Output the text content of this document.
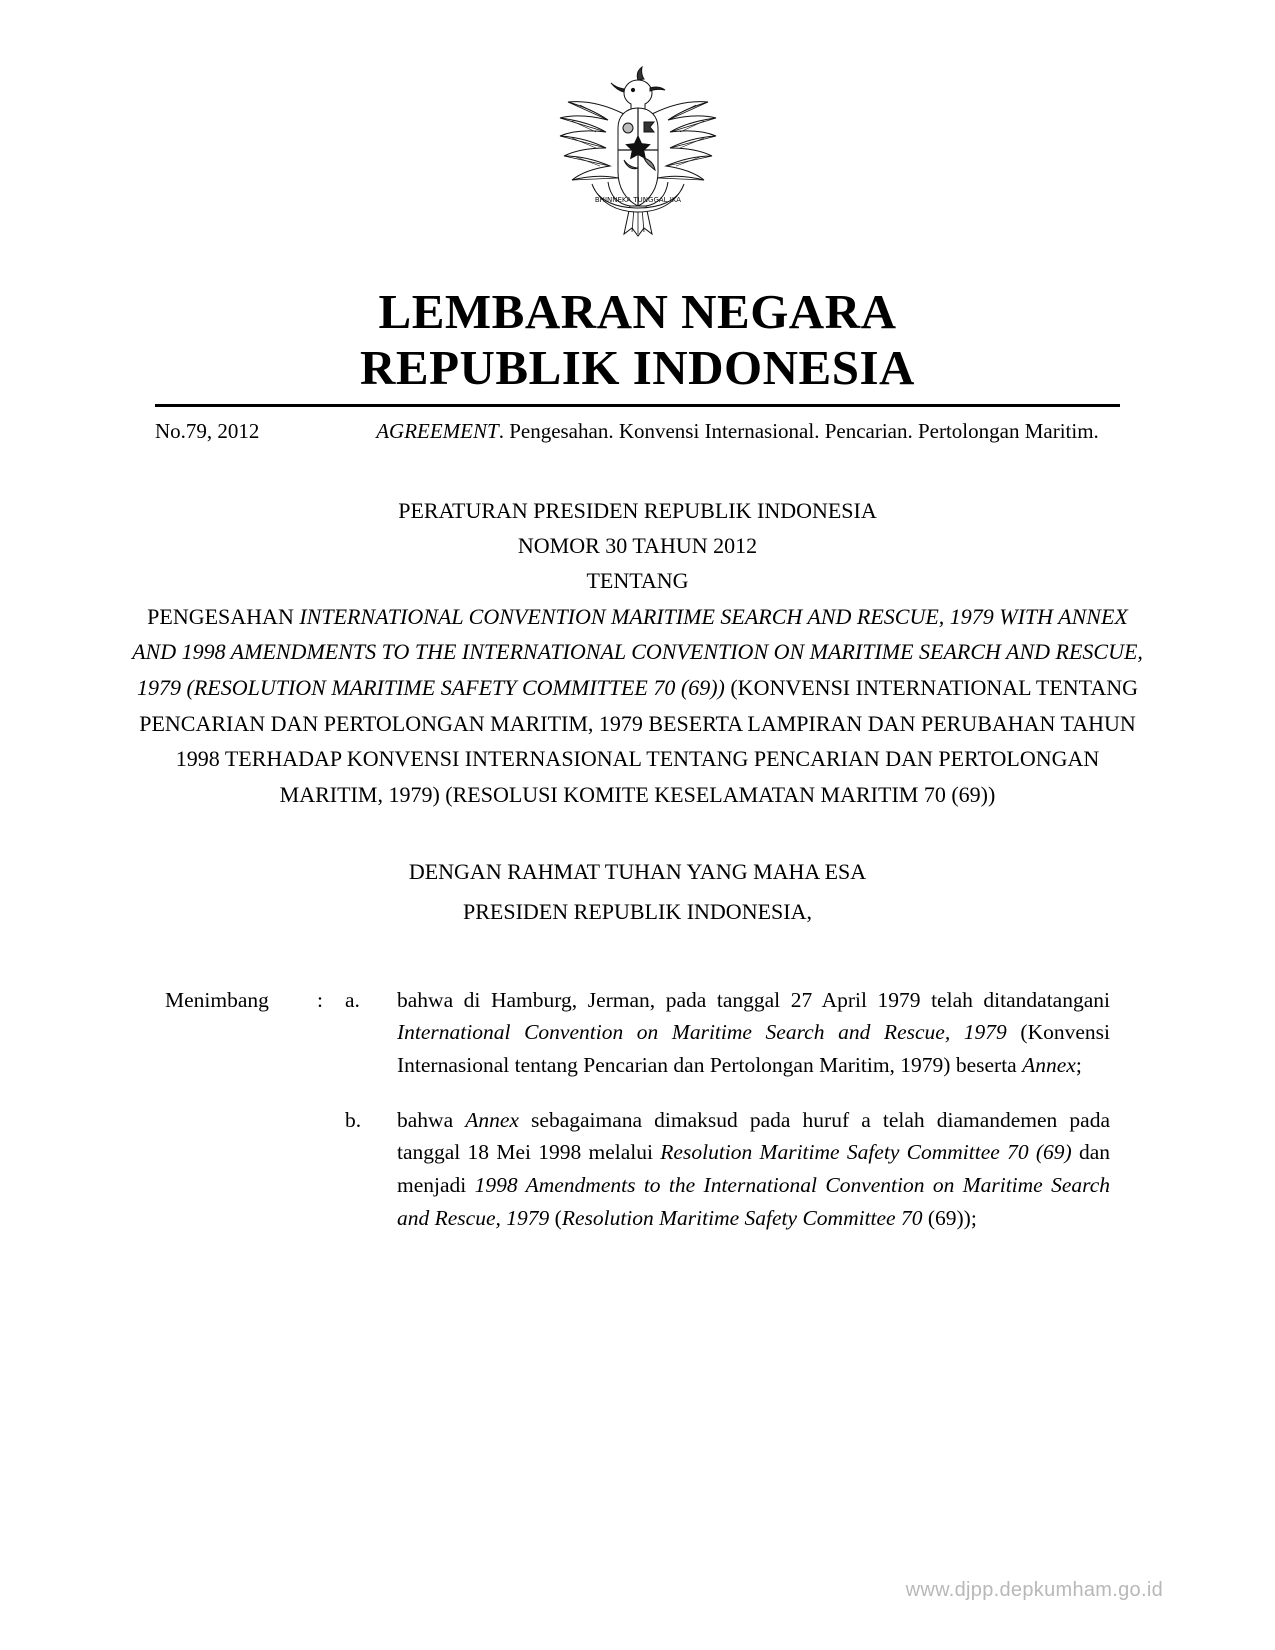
BHINNEKA TUNGGAL IKA
LEMBARAN NEGARA
REPUBLIK INDONESIA
No.79, 2012	AGREEMENT. Pengesahan. Konvensi Internasional. Pencarian. Pertolongan Maritim.
PERATURAN PRESIDEN REPUBLIK INDONESIA
NOMOR 30 TAHUN 2012
TENTANG
PENGESAHAN INTERNATIONAL CONVENTION MARITIME SEARCH AND RESCUE, 1979 WITH ANNEX AND 1998 AMENDMENTS TO THE INTERNATIONAL CONVENTION ON MARITIME SEARCH AND RESCUE, 1979 (RESOLUTION MARITIME SAFETY COMMITTEE 70 (69)) (KONVENSI INTERNATIONAL TENTANG PENCARIAN DAN PERTOLONGAN MARITIM, 1979 BESERTA LAMPIRAN DAN PERUBAHAN TAHUN 1998 TERHADAP KONVENSI INTERNASIONAL TENTANG PENCARIAN DAN PERTOLONGAN MARITIM, 1979) (RESOLUSI KOMITE KESELAMATAN MARITIM 70 (69))
DENGAN RAHMAT TUHAN YANG MAHA ESA
PRESIDEN REPUBLIK INDONESIA,
Menimbang : a.	bahwa di Hamburg, Jerman, pada tanggal 27 April 1979 telah ditandatangani International Convention on Maritime Search and Rescue, 1979 (Konvensi Internasional tentang Pencarian dan Pertolongan Maritim, 1979) beserta Annex;
b.	bahwa Annex sebagaimana dimaksud pada huruf a telah diamandemen pada tanggal 18 Mei 1998 melalui Resolution Maritime Safety Committee 70 (69) dan menjadi 1998 Amendments to the International Convention on Maritime Search and Rescue, 1979 (Resolution Maritime Safety Committee 70 (69));
www.djpp.depkumham.go.id
